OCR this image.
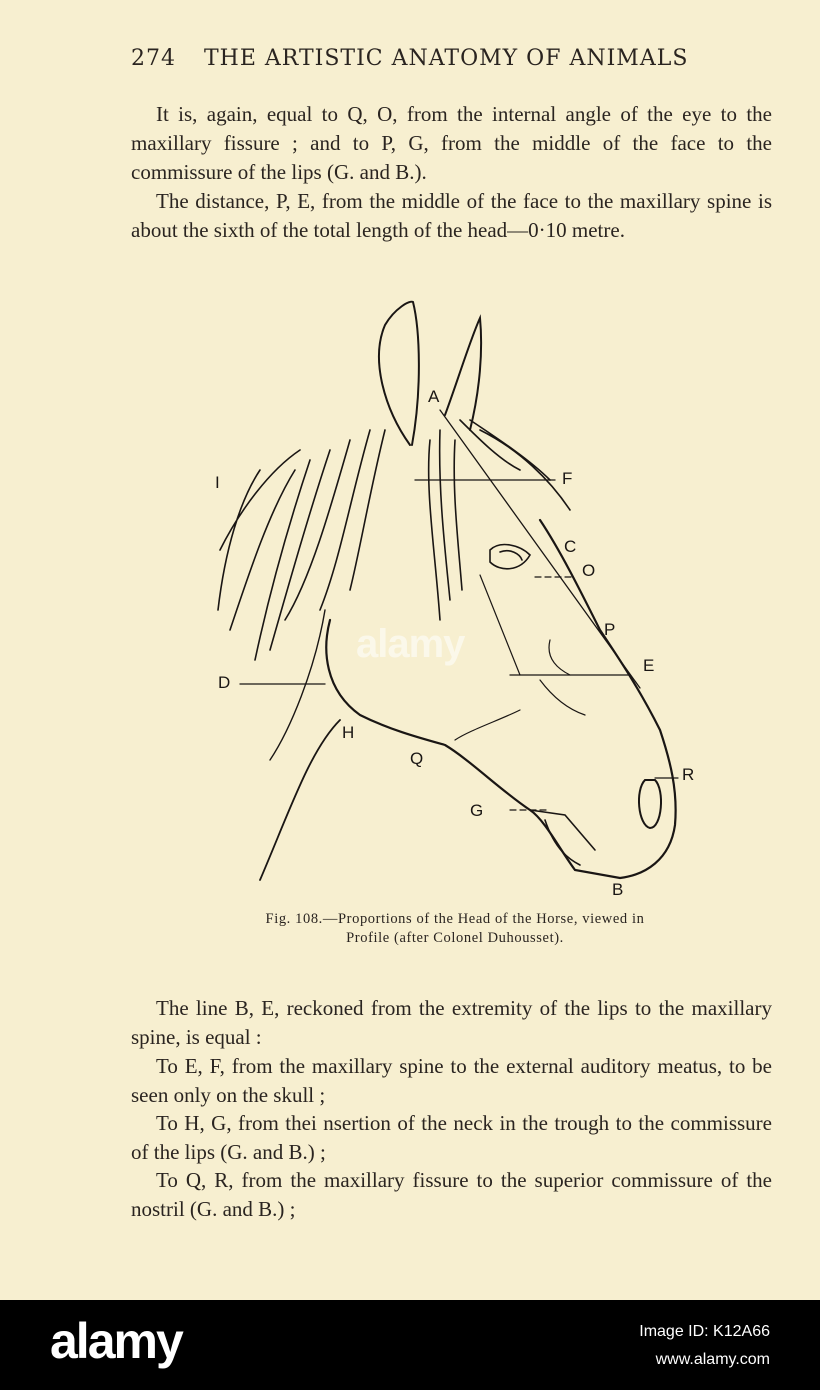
274 THE ARTISTIC ANATOMY OF ANIMALS

It is, again, equal to Q, O, from the internal angle of the eye to the maxillary fissure ; and to P, G, from the middle of the face to the commissure of the lips (G. and B.).

The distance, P, E, from the middle of the face to the maxillary spine is about the sixth of the total length of the head—0·10 metre.

A
F
I
C
O
P
E
D
H
Q
R
G
B
Fig. 108.—Proportions of the Head of the Horse, viewed in
Profile (after Colonel Duhousset).

The line B, E, reckoned from the extremity of the lips to the maxillary spine, is equal :

To E, F, from the maxillary spine to the external auditory meatus, to be seen only on the skull ;

To H, G, from thei nsertion of the neck in the trough to the commissure of the lips (G. and B.) ;

To Q, R, from the maxillary fissure to the superior commissure of the nostril (G. and B.) ;

alamy
alamy	Image ID: K12A66
www.alamy.com
